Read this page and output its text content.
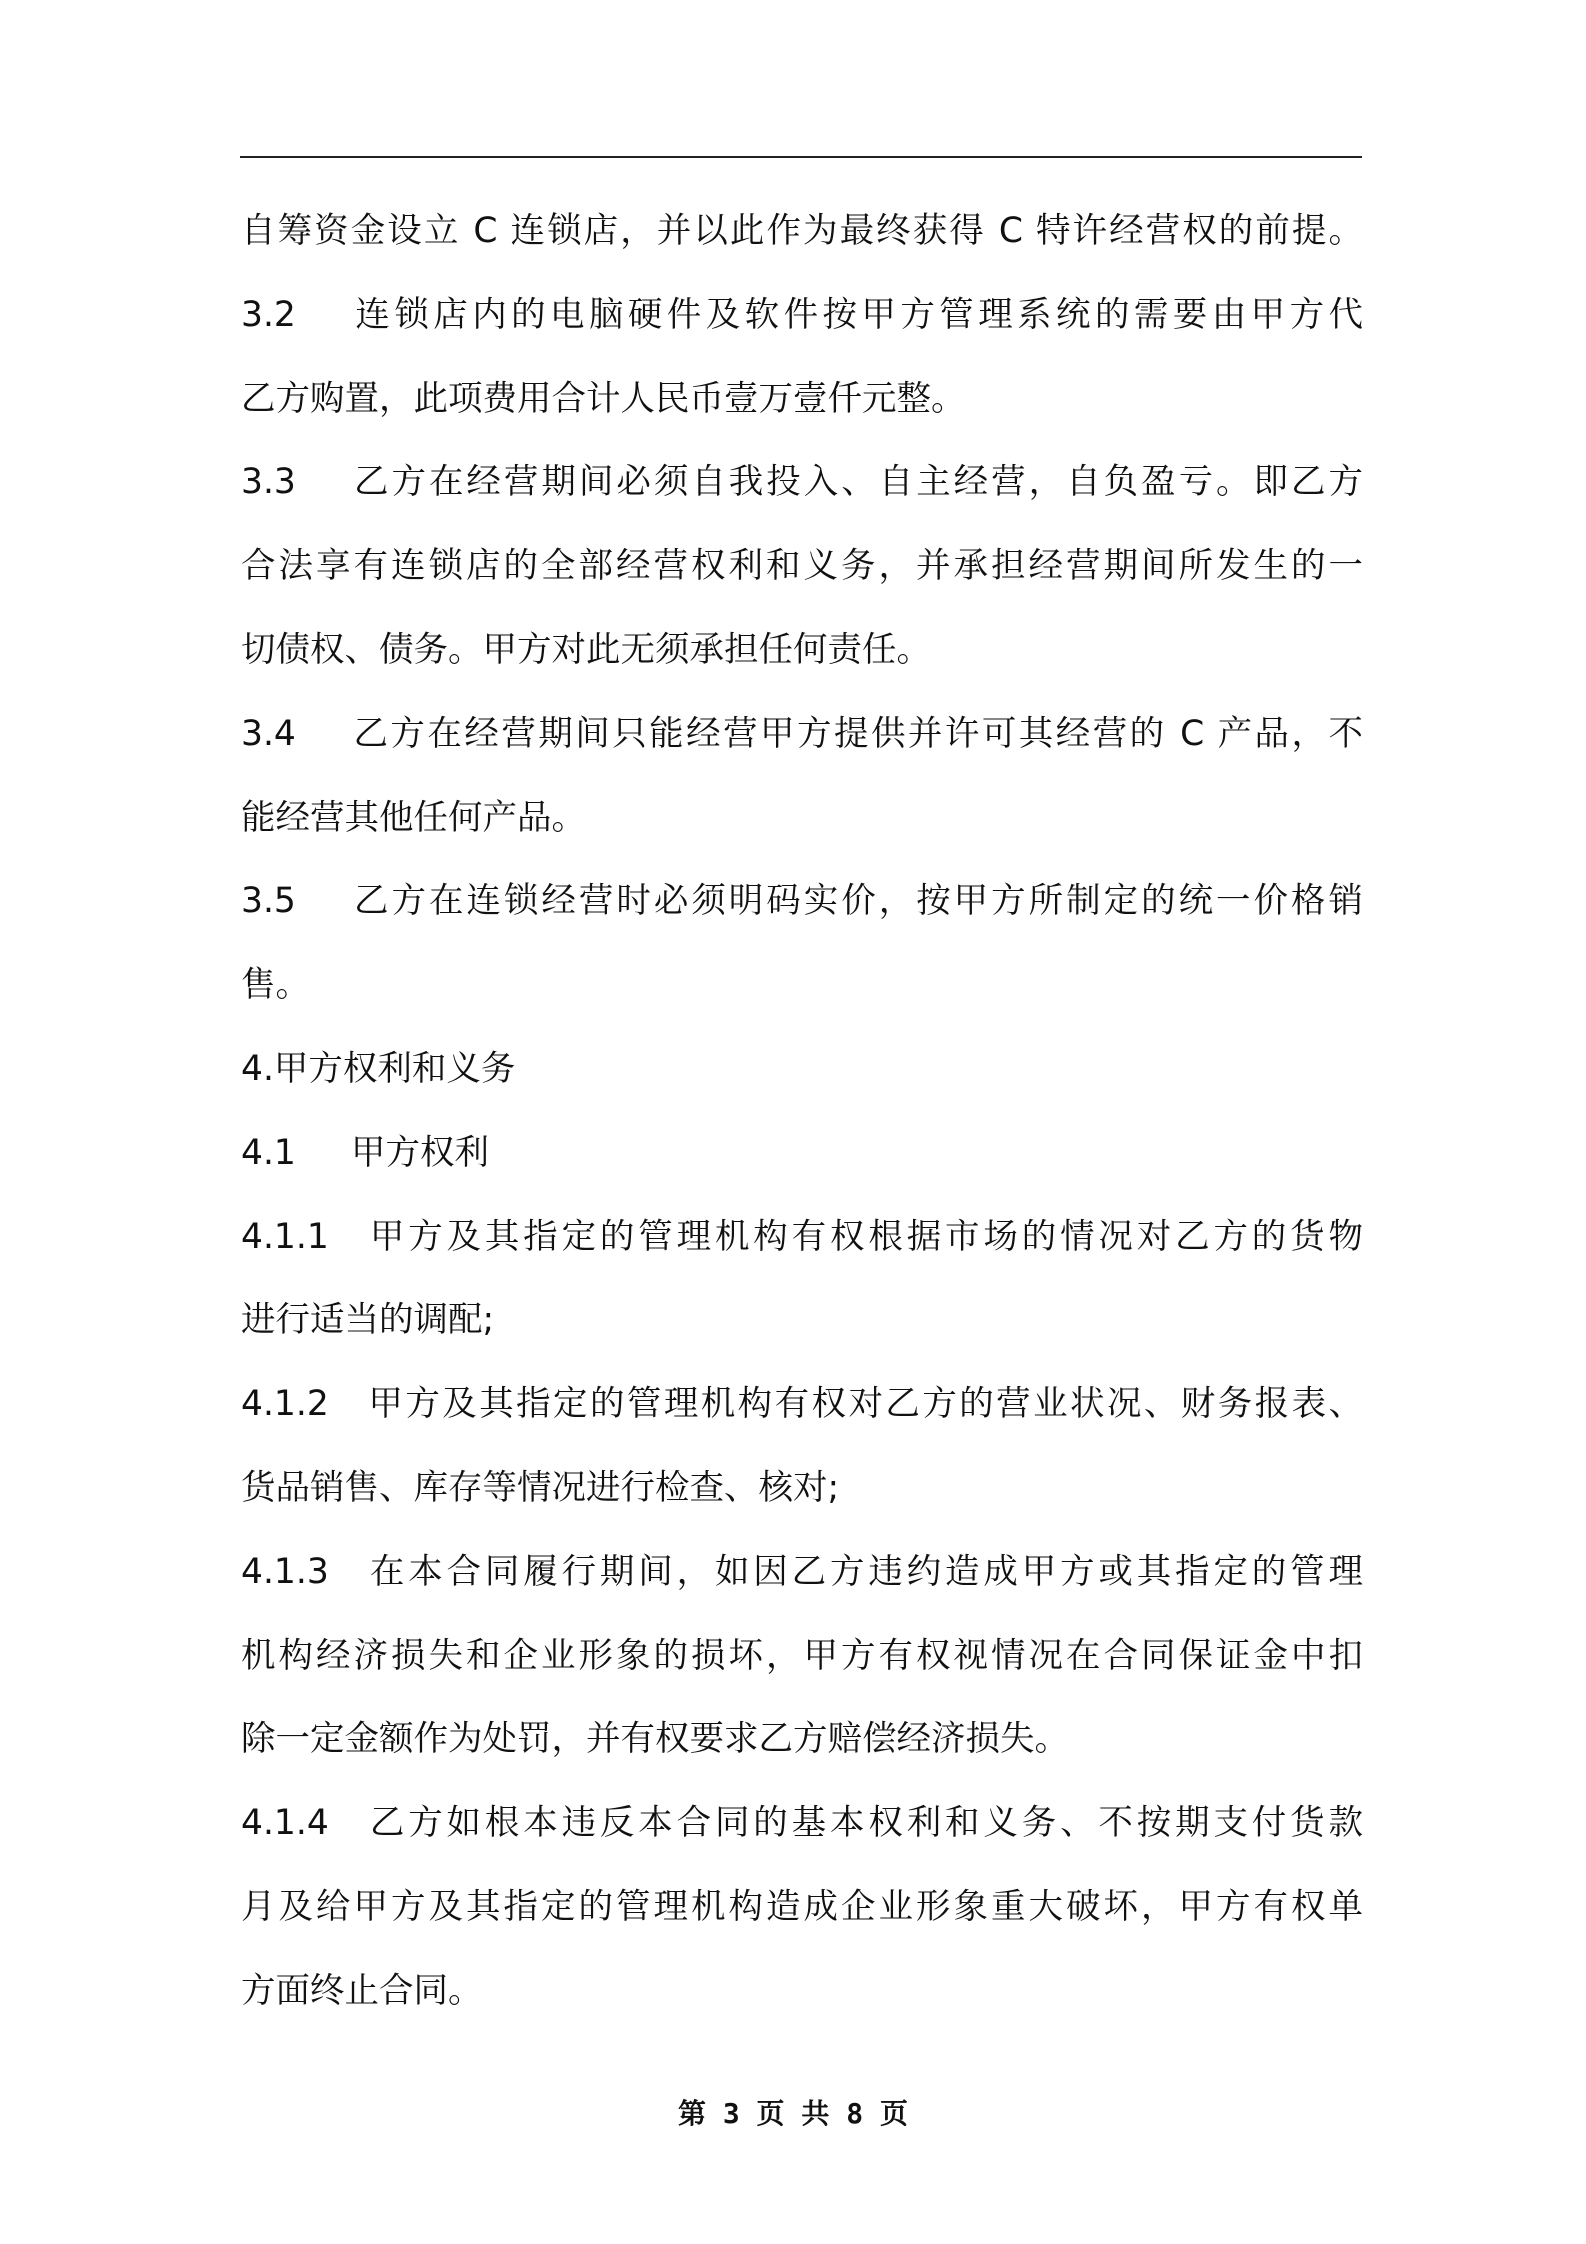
自筹资金设立 C 连锁店，并以此作为最终获得 C 特许经营权的前提。
3.2 连锁店内的电脑硬件及软件按甲方管理系统的需要由甲方代
乙方购置，此项费用合计人民币壹万壹仟元整。
3.3 乙方在经营期间必须自我投入、自主经营，自负盈亏。即乙方
合法享有连锁店的全部经营权利和义务，并承担经营期间所发生的一
切债权、债务。甲方对此无须承担任何责任。
3.4 乙方在经营期间只能经营甲方提供并许可其经营的 C 产品，不
能经营其他任何产品。
3.5 乙方在连锁经营时必须明码实价，按甲方所制定的统一价格销
售。
4.甲方权利和义务
4.1 甲方权利
4.1.1 甲方及其指定的管理机构有权根据市场的情况对乙方的货物
进行适当的调配;
4.1.2 甲方及其指定的管理机构有权对乙方的营业状况、财务报表、
货品销售、库存等情况进行检查、核对;
4.1.3 在本合同履行期间，如因乙方违约造成甲方或其指定的管理
机构经济损失和企业形象的损坏，甲方有权视情况在合同保证金中扣
除一定金额作为处罚，并有权要求乙方赔偿经济损失。
4.1.4 乙方如根本违反本合同的基本权利和义务、不按期支付货款
月及给甲方及其指定的管理机构造成企业形象重大破坏，甲方有权单
方面终止合同。
第 3 页 共 8 页
